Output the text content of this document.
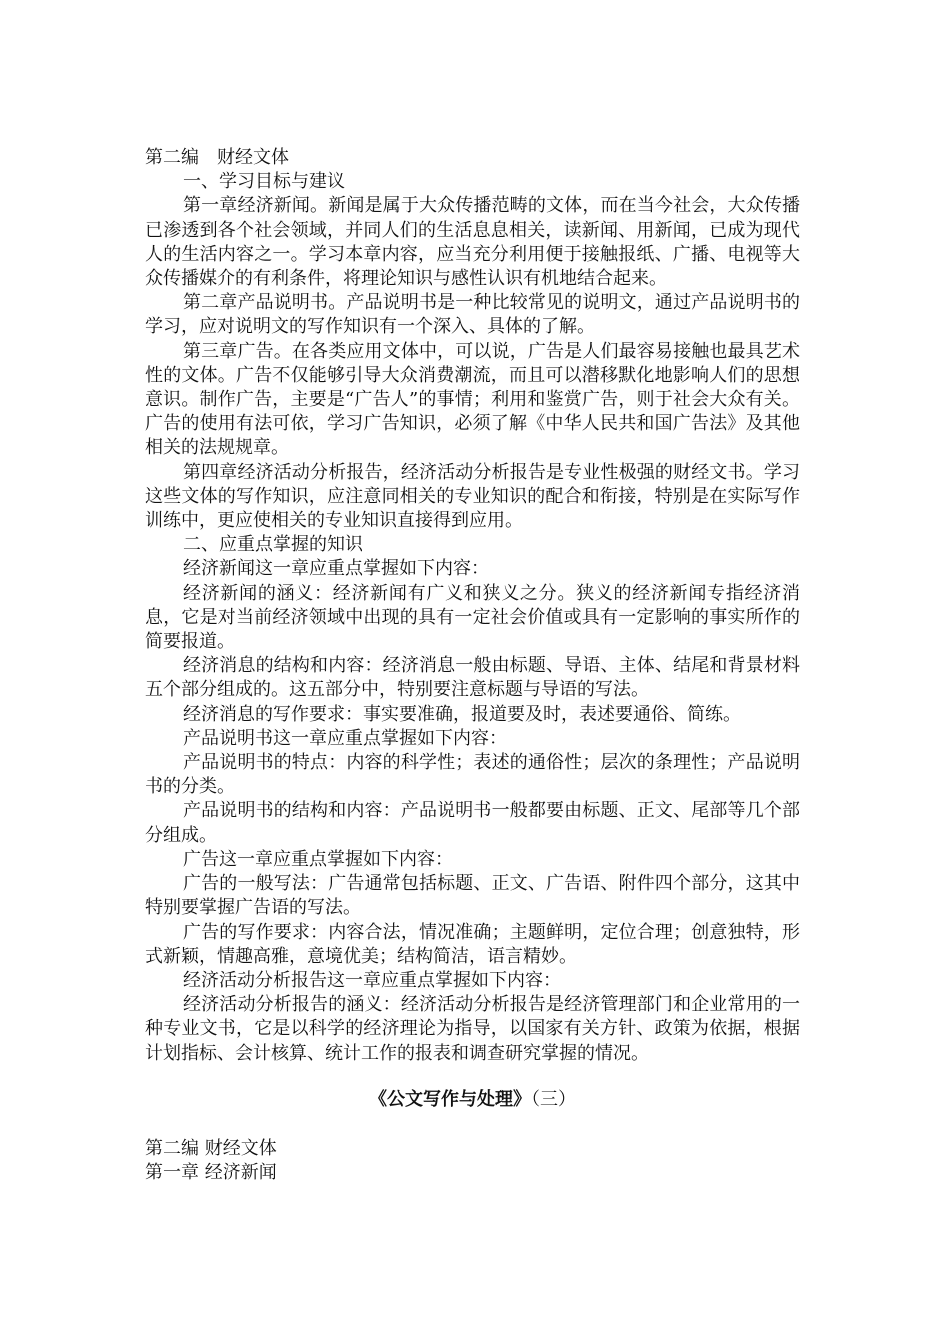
第二编　财经文体

一、学习目标与建议

第一章经济新闻。新闻是属于大众传播范畴的文体，而在当今社会，大众传播已渗透到各个社会领域，并同人们的生活息息相关，读新闻、用新闻，已成为现代人的生活内容之一。学习本章内容，应当充分利用便于接触报纸、广播、电视等大众传播媒介的有利条件，将理论知识与感性认识有机地结合起来。

第二章产品说明书。产品说明书是一种比较常见的说明文，通过产品说明书的学习，应对说明文的写作知识有一个深入、具体的了解。

第三章广告。在各类应用文体中，可以说，广告是人们最容易接触也最具艺术性的文体。广告不仅能够引导大众消费潮流，而且可以潜移默化地影响人们的思想意识。制作广告，主要是“广告人”的事情；利用和鉴赏广告，则于社会大众有关。广告的使用有法可依，学习广告知识，必须了解《中华人民共和国广告法》及其他相关的法规规章。

第四章经济活动分析报告，经济活动分析报告是专业性极强的财经文书。学习这些文体的写作知识，应注意同相关的专业知识的配合和衔接，特别是在实际写作训练中，更应使相关的专业知识直接得到应用。

二、应重点掌握的知识

经济新闻这一章应重点掌握如下内容：

经济新闻的涵义：经济新闻有广义和狭义之分。狭义的经济新闻专指经济消息，它是对当前经济领域中出现的具有一定社会价值或具有一定影响的事实所作的简要报道。

经济消息的结构和内容：经济消息一般由标题、导语、主体、结尾和背景材料五个部分组成的。这五部分中，特别要注意标题与导语的写法。

经济消息的写作要求：事实要准确，报道要及时，表述要通俗、简练。

产品说明书这一章应重点掌握如下内容：

产品说明书的特点：内容的科学性；表述的通俗性；层次的条理性；产品说明书的分类。

产品说明书的结构和内容：产品说明书一般都要由标题、正文、尾部等几个部分组成。

广告这一章应重点掌握如下内容：

广告的一般写法：广告通常包括标题、正文、广告语、附件四个部分，这其中特别要掌握广告语的写法。

广告的写作要求：内容合法，情况准确；主题鲜明，定位合理；创意独特，形式新颖，情趣高雅，意境优美；结构简洁，语言精妙。

经济活动分析报告这一章应重点掌握如下内容：

经济活动分析报告的涵义：经济活动分析报告是经济管理部门和企业常用的一种专业文书，它是以科学的经济理论为指导，以国家有关方针、政策为依据，根据计划指标、会计核算、统计工作的报表和调查研究掌握的情况。

《公文写作与处理》（三）

第二编 财经文体

第一章 经济新闻
